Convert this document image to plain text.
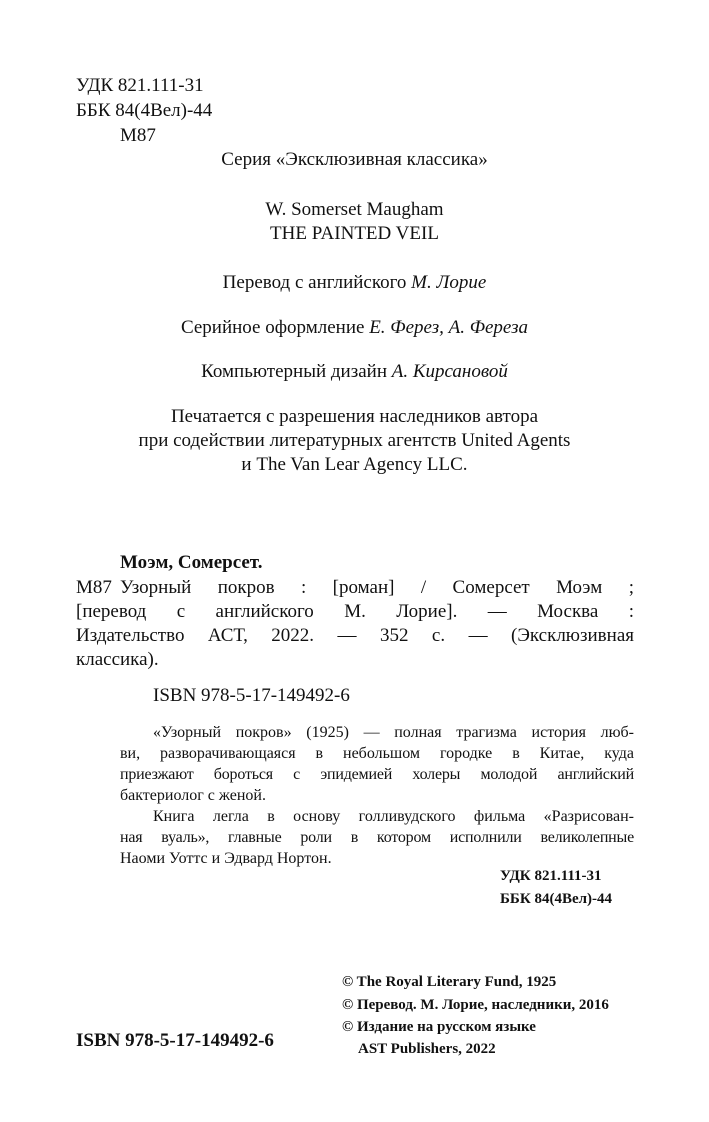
УДК 821.111-31
ББК 84(4Вел)-44
М87
Серия «Эксклюзивная классика»
W. Somerset Maugham
THE PAINTED VEIL
Перевод с английского М. Лорие
Серийное оформление Е. Ферез, А. Фереза
Компьютерный дизайн А. Кирсановой
Печатается с разрешения наследников автора
при содействии литературных агентств United Agents
и The Van Lear Agency LLC.
Моэм, Сомерсет.
М87 Узорный покров : [роман] / Сомерсет Моэм ;
[перевод с английского М. Лорие]. — Москва :
Издательство АСТ, 2022. — 352 с. — (Эксклюзивная
классика).
ISBN 978-5-17-149492-6
«Узорный покров» (1925) — полная трагизма история люб-
ви, разворачивающаяся в небольшом городке в Китае, куда
приезжают бороться с эпидемией холеры молодой английский
бактериолог с женой.
Книга легла в основу голливудского фильма «Разрисован-
ная вуаль», главные роли в котором исполнили великолепные
Наоми Уоттс и Эдвард Нортон.
УДК 821.111-31
ББК 84(4Вел)-44
© The Royal Literary Fund, 1925
© Перевод. М. Лорие, наследники, 2016
© Издание на русском языке
AST Publishers, 2022
ISBN 978-5-17-149492-6
